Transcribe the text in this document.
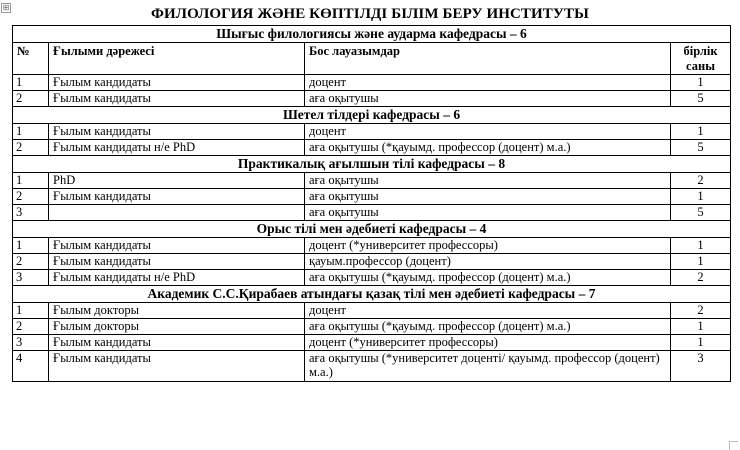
⊞	ФИЛОЛОГИЯ ЖӘНЕ КӨПТІЛДІ БІЛІМ БЕРУ ИНСТИТУТЫ
Шығыс филологиясы және аударма кафедрасы – 6			
№	Ғылыми дәрежесі	Бос лауазымдар	бірлік саны
1	Ғылым кандидаты	доцент	1
2	Ғылым кандидаты	аға оқытушы	5
Шетел тілдері кафедрасы – 6			
1	Ғылым кандидаты	доцент	1
2	Ғылым кандидаты н/е PhD	аға оқытушы (*қауымд. профессор (доцент) м.а.)	5
Практикалық ағылшын тілі кафедрасы – 8			
1	PhD	аға оқытушы	2
2	Ғылым кандидаты	аға оқытушы	1
3		аға оқытушы	5
Орыс тілі мен әдебиеті кафедрасы – 4			
1	Ғылым кандидаты	доцент (*университет профессоры)	1
2	Ғылым кандидаты	қауым.профессор (доцент)	1
3	Ғылым кандидаты н/е PhD	аға оқытушы (*қауымд. профессор (доцент) м.а.)	2
Академик С.С.Қирабаев атындағы қазақ тілі мен әдебиеті кафедрасы – 7			
1	Ғылым докторы	доцент	2
2	Ғылым докторы	аға оқытушы (*қауымд. профессор (доцент) м.а.)	1
3	Ғылым кандидаты	доцент (*университет профессоры)	1
4	Ғылым кандидаты	аға оқытушы (*университет доценті/ қауымд. профессор (доцент) м.а.)	3
